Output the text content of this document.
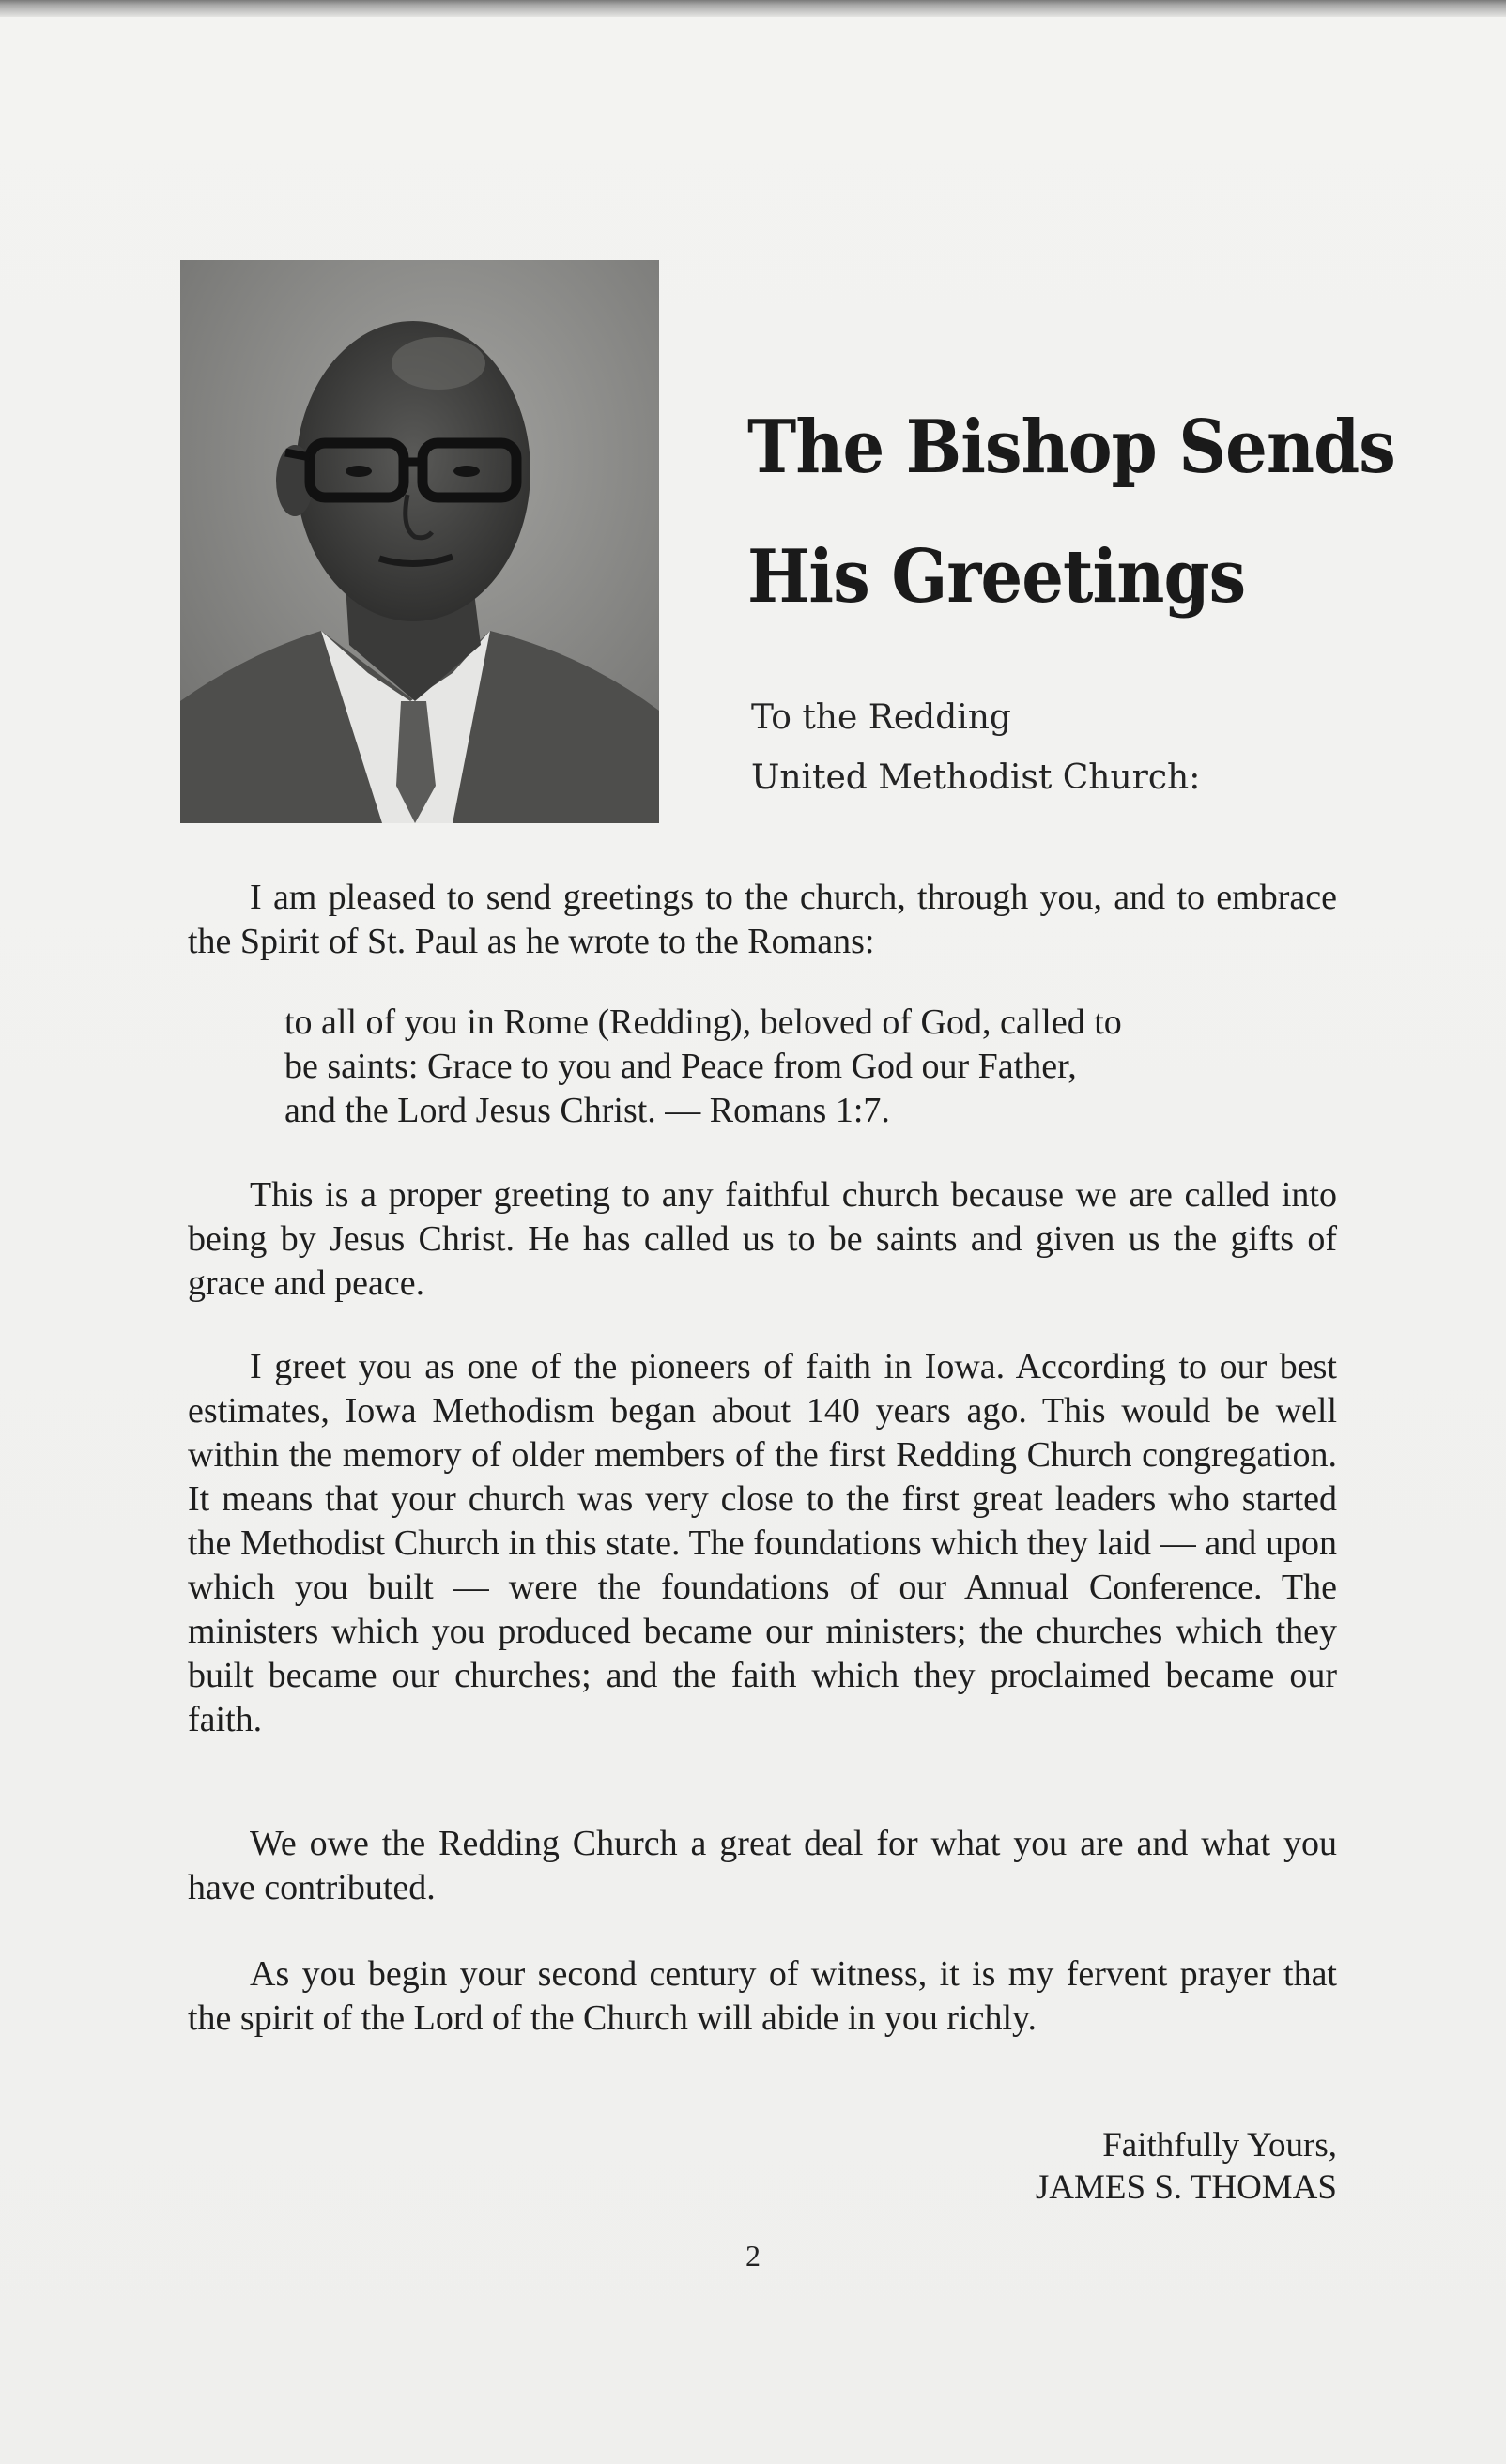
The Bishop Sends
His Greetings
To the Redding
United Methodist Church:

I am pleased to send greetings to the church, through you, and to embrace the Spirit of St. Paul as he wrote to the Romans:

to all of you in Rome (Redding), beloved of God, called to
be saints: Grace to you and Peace from God our Father,
and the Lord Jesus Christ. — Romans 1:7.

This is a proper greeting to any faithful church because we are called into being by Jesus Christ. He has called us to be saints and given us the gifts of grace and peace.

I greet you as one of the pioneers of faith in Iowa. According to our best estimates, Iowa Methodism began about 140 years ago. This would be well within the memory of older members of the first Redding Church congregation. It means that your church was very close to the first great leaders who started the Methodist Church in this state. The foundations which they laid — and upon which you built — were the foundations of our Annual Conference. The ministers which you produced became our ministers; the churches which they built became our churches; and the faith which they proclaimed became our faith.

We owe the Redding Church a great deal for what you are and what you have contributed.

As you begin your second century of witness, it is my fervent prayer that the spirit of the Lord of the Church will abide in you richly.

Faithfully Yours,
JAMES S. THOMAS
2
